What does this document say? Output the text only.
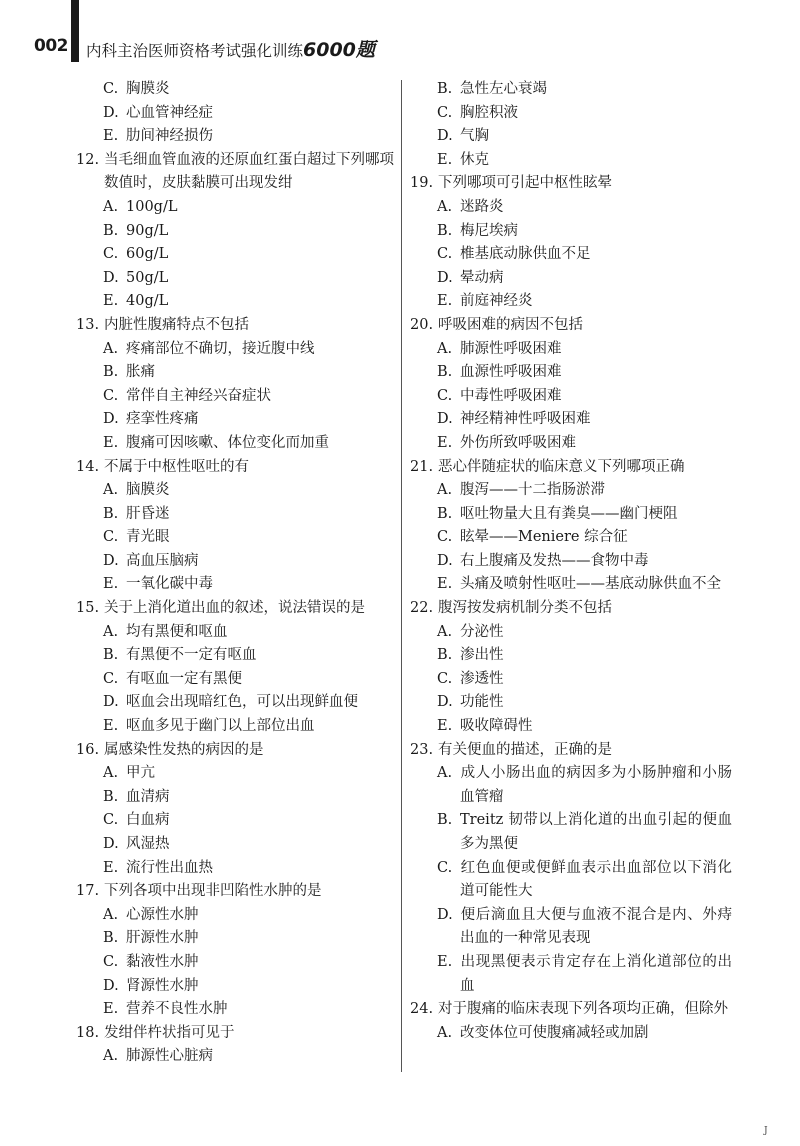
002 内科主治医师资格考试强化训练6000题
C. 胸膜炎
D. 心血管神经症
E. 肋间神经损伤
12. 当毛细血管血液的还原血红蛋白超过下列哪项数值时，皮肤黏膜可出现发绀
A. 100g/L
B. 90g/L
C. 60g/L
D. 50g/L
E. 40g/L
13. 内脏性腹痛特点不包括
A. 疼痛部位不确切，接近腹中线
B. 胀痛
C. 常伴自主神经兴奋症状
D. 痉挛性疼痛
E. 腹痛可因咳嗽、体位变化而加重
14. 不属于中枢性呕吐的有
A. 脑膜炎
B. 肝昏迷
C. 青光眼
D. 高血压脑病
E. 一氧化碳中毒
15. 关于上消化道出血的叙述，说法错误的是
A. 均有黑便和呕血
B. 有黑便不一定有呕血
C. 有呕血一定有黑便
D. 呕血会出现暗红色，可以出现鲜血便
E. 呕血多见于幽门以上部位出血
16. 属感染性发热的病因的是
A. 甲亢
B. 血清病
C. 白血病
D. 风湿热
E. 流行性出血热
17. 下列各项中出现非凹陷性水肿的是
A. 心源性水肿
B. 肝源性水肿
C. 黏液性水肿
D. 肾源性水肿
E. 营养不良性水肿
18. 发绀伴杵状指可见于
A. 肺源性心脏病
B. 急性左心衰竭
C. 胸腔积液
D. 气胸
E. 休克
19. 下列哪项可引起中枢性眩晕
A. 迷路炎
B. 梅尼埃病
C. 椎基底动脉供血不足
D. 晕动病
E. 前庭神经炎
20. 呼吸困难的病因不包括
A. 肺源性呼吸困难
B. 血源性呼吸困难
C. 中毒性呼吸困难
D. 神经精神性呼吸困难
E. 外伤所致呼吸困难
21. 恶心伴随症状的临床意义下列哪项正确
A. 腹泻——十二指肠淤滞
B. 呕吐物量大且有粪臭——幽门梗阻
C. 眩晕——Meniere 综合征
D. 右上腹痛及发热——食物中毒
E. 头痛及喷射性呕吐——基底动脉供血不全
22. 腹泻按发病机制分类不包括
A. 分泌性
B. 渗出性
C. 渗透性
D. 功能性
E. 吸收障碍性
23. 有关便血的描述，正确的是
A. 成人小肠出血的病因多为小肠肿瘤和小肠血管瘤
B. Treitz 韧带以上消化道的出血引起的便血多为黑便
C. 红色血便或便鲜血表示出血部位以下消化道可能性大
D. 便后滴血且大便与血液不混合是内、外痔出血的一种常见表现
E. 出现黑便表示肯定存在上消化道部位的出血
24. 对于腹痛的临床表现下列各项均正确，但除外
A. 改变体位可使腹痛减轻或加剧
J
